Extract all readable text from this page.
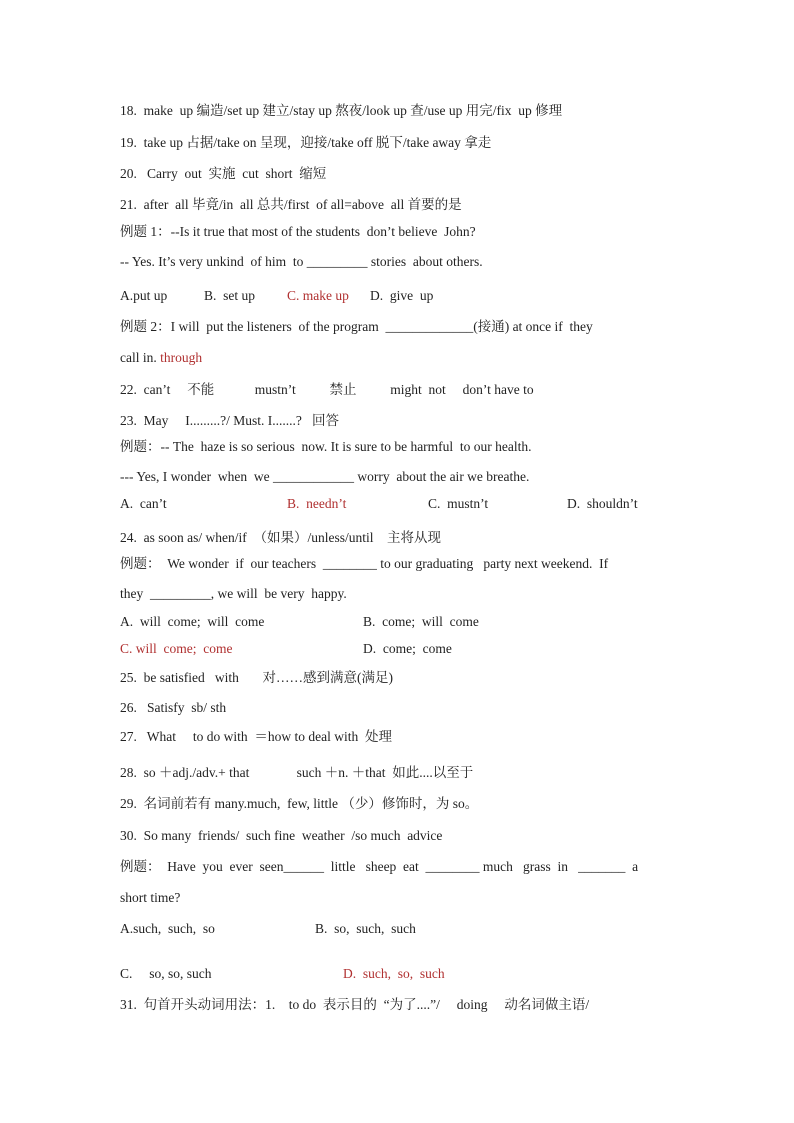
18.  make  up 编造/set up 建立/stay up 熬夜/look up 查/use up 用完/fix  up 修理
19.  take up 占据/take on 呈现，迎接/take off 脱下/take away 拿走
20.   Carry  out  实施  cut  short  缩短
21.  after  all 毕竟/in  all 总共/first  of all=above  all 首要的是
例题 1：--Is it true that most of the students  don’t believe  John?
-- Yes. It’s very unkind  of him  to _________ stories  about others.
A.put up	B.  set up C. make up D.  give  up
例题 2：I will  put the listeners  of the program  _____________(接通) at once if  they
call in. through
22.  can’t     不能            mustn’t          禁止          might  not     don’t have to
23.  May     I.........?/ Must. I.......?   回答
例题：-- The  haze is so serious  now. It is sure to be harmful  to our health.
--- Yes, I wonder  when  we ____________ worry  about the air we breathe.
A.  can’t	B.  needn’t	C.  mustn’t	D.  shouldn’t
24.  as soon as/ when/if  （如果）/unless/until    主将从现
例题：  We wonder  if  our teachers  ________ to our graduating   party next weekend.  If
they  _________, we will  be very  happy.
A.  will  come;  will  come	B.  come;  will  come
C. will  come;  come	D.  come;  come
25.  be satisfied   with       对……感到满意(满足)
26.   Satisfy  sb/ sth
27.   What     to do with  ＝how to deal with  处理
28.  so ＋adj./adv.+ that              such ＋n. ＋that  如此....以至于
29.  名词前若有 many.much,  few, little （少）修饰时，为 so。
30.  So many  friends/  such fine  weather  /so much  advice
例题：  Have  you  ever  seen______  little   sheep  eat  ________ much   grass  in   _______  a
short time?
A.such,  such,  so	B.  so,  such,  such
C.     so, so, such	D.  such,  so,  such
31.  句首开头动词用法：1.    to do  表示目的  “为了....”/     doing     动名词做主语/
